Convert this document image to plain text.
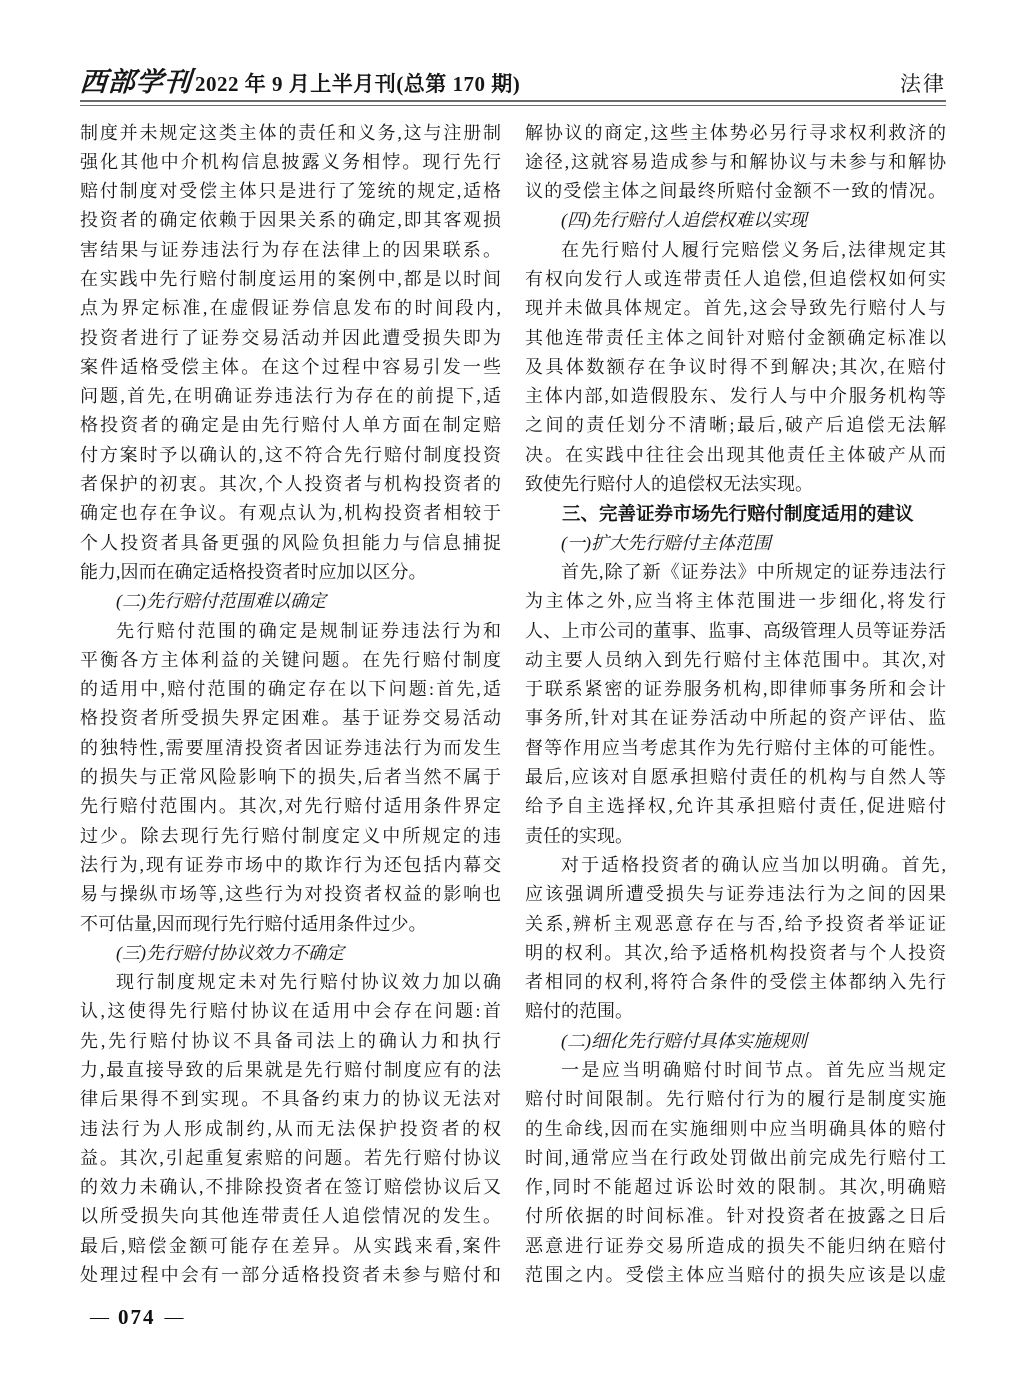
西部学刊 2022 年 9 月上半月刊(总第 170 期)	法律
制度并未规定这类主体的责任和义务,这与注册制
强化其他中介机构信息披露义务相悖。现行先行
赔付制度对受偿主体只是进行了笼统的规定,适格
投资者的确定依赖于因果关系的确定,即其客观损
害结果与证券违法行为存在法律上的因果联系。
在实践中先行赔付制度运用的案例中,都是以时间
点为界定标准,在虚假证券信息发布的时间段内,
投资者进行了证券交易活动并因此遭受损失即为
案件适格受偿主体。在这个过程中容易引发一些
问题,首先,在明确证券违法行为存在的前提下,适
格投资者的确定是由先行赔付人单方面在制定赔
付方案时予以确认的,这不符合先行赔付制度投资
者保护的初衷。其次,个人投资者与机构投资者的
确定也存在争议。有观点认为,机构投资者相较于
个人投资者具备更强的风险负担能力与信息捕捉
能力,因而在确定适格投资者时应加以区分。
(二)先行赔付范围难以确定
先行赔付范围的确定是规制证券违法行为和
平衡各方主体利益的关键问题。在先行赔付制度
的适用中,赔付范围的确定存在以下问题:首先,适
格投资者所受损失界定困难。基于证券交易活动
的独特性,需要厘清投资者因证券违法行为而发生
的损失与正常风险影响下的损失,后者当然不属于
先行赔付范围内。其次,对先行赔付适用条件界定
过少。除去现行先行赔付制度定义中所规定的违
法行为,现有证券市场中的欺诈行为还包括内幕交
易与操纵市场等,这些行为对投资者权益的影响也
不可估量,因而现行先行赔付适用条件过少。
(三)先行赔付协议效力不确定
现行制度规定未对先行赔付协议效力加以确
认,这使得先行赔付协议在适用中会存在问题:首
先,先行赔付协议不具备司法上的确认力和执行
力,最直接导致的后果就是先行赔付制度应有的法
律后果得不到实现。不具备约束力的协议无法对
违法行为人形成制约,从而无法保护投资者的权
益。其次,引起重复索赔的问题。若先行赔付协议
的效力未确认,不排除投资者在签订赔偿协议后又
以所受损失向其他连带责任人追偿情况的发生。
最后,赔偿金额可能存在差异。从实践来看,案件
处理过程中会有一部分适格投资者未参与赔付和
解协议的商定,这些主体势必另行寻求权利救济的
途径,这就容易造成参与和解协议与未参与和解协
议的受偿主体之间最终所赔付金额不一致的情况。
(四)先行赔付人追偿权难以实现
在先行赔付人履行完赔偿义务后,法律规定其
有权向发行人或连带责任人追偿,但追偿权如何实
现并未做具体规定。首先,这会导致先行赔付人与
其他连带责任主体之间针对赔付金额确定标准以
及具体数额存在争议时得不到解决;其次,在赔付
主体内部,如造假股东、发行人与中介服务机构等
之间的责任划分不清晰;最后,破产后追偿无法解
决。在实践中往往会出现其他责任主体破产从而
致使先行赔付人的追偿权无法实现。
三、完善证券市场先行赔付制度适用的建议
(一)扩大先行赔付主体范围
首先,除了新《证券法》中所规定的证券违法行
为主体之外,应当将主体范围进一步细化,将发行
人、上市公司的董事、监事、高级管理人员等证券活
动主要人员纳入到先行赔付主体范围中。其次,对
于联系紧密的证券服务机构,即律师事务所和会计
事务所,针对其在证券活动中所起的资产评估、监
督等作用应当考虑其作为先行赔付主体的可能性。
最后,应该对自愿承担赔付责任的机构与自然人等
给予自主选择权,允许其承担赔付责任,促进赔付
责任的实现。
对于适格投资者的确认应当加以明确。首先,
应该强调所遭受损失与证券违法行为之间的因果
关系,辨析主观恶意存在与否,给予投资者举证证
明的权利。其次,给予适格机构投资者与个人投资
者相同的权利,将符合条件的受偿主体都纳入先行
赔付的范围。
(二)细化先行赔付具体实施规则
一是应当明确赔付时间节点。首先应当规定
赔付时间限制。先行赔付行为的履行是制度实施
的生命线,因而在实施细则中应当明确具体的赔付
时间,通常应当在行政处罚做出前完成先行赔付工
作,同时不能超过诉讼时效的限制。其次,明确赔
付所依据的时间标准。针对投资者在披露之日后
恶意进行证券交易所造成的损失不能归纳在赔付
范围之内。受偿主体应当赔付的损失应该是以虚
— 074 —
